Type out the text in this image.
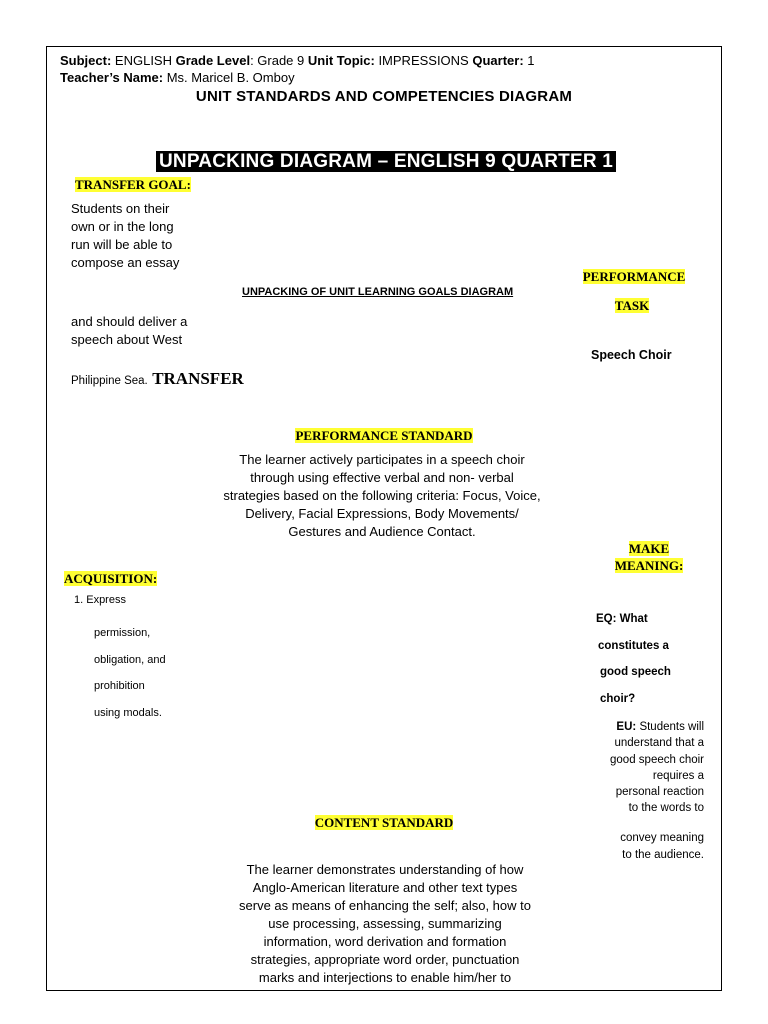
Subject: ENGLISH Grade Level: Grade 9 Unit Topic: IMPRESSIONS Quarter: 1
Teacher’s Name: Ms. Maricel B. Omboy
UNIT STANDARDS AND COMPETENCIES DIAGRAM
UNPACKING DIAGRAM – ENGLISH 9 QUARTER 1
TRANSFER GOAL:
Students on their
own or in the long
run will be able to
compose an essay
and should deliver a
speech about West
Philippine Sea. TRANSFER
UNPACKING OF UNIT LEARNING GOALS DIAGRAM
PERFORMANCE
TASK
Speech Choir
PERFORMANCE STANDARD
The learner actively participates in a speech choir
through using effective verbal and non- verbal
strategies based on the following criteria: Focus, Voice,
Delivery, Facial Expressions, Body Movements/
Gestures and Audience Contact.
MAKE
MEANING:
EQ: What
constitutes a
good speech
choir?
EU: Students will
understand that a
good speech choir
requires a
personal reaction
to the words to
convey meaning
to the audience.
ACQUISITION:
1. Express
permission,
obligation, and
prohibition
using modals.
CONTENT STANDARD
The learner demonstrates understanding of how
Anglo-American literature and other text types
serve as means of enhancing the self; also, how to
use processing, assessing, summarizing
information, word derivation and formation
strategies, appropriate word order, punctuation
marks and interjections to enable him/her to
